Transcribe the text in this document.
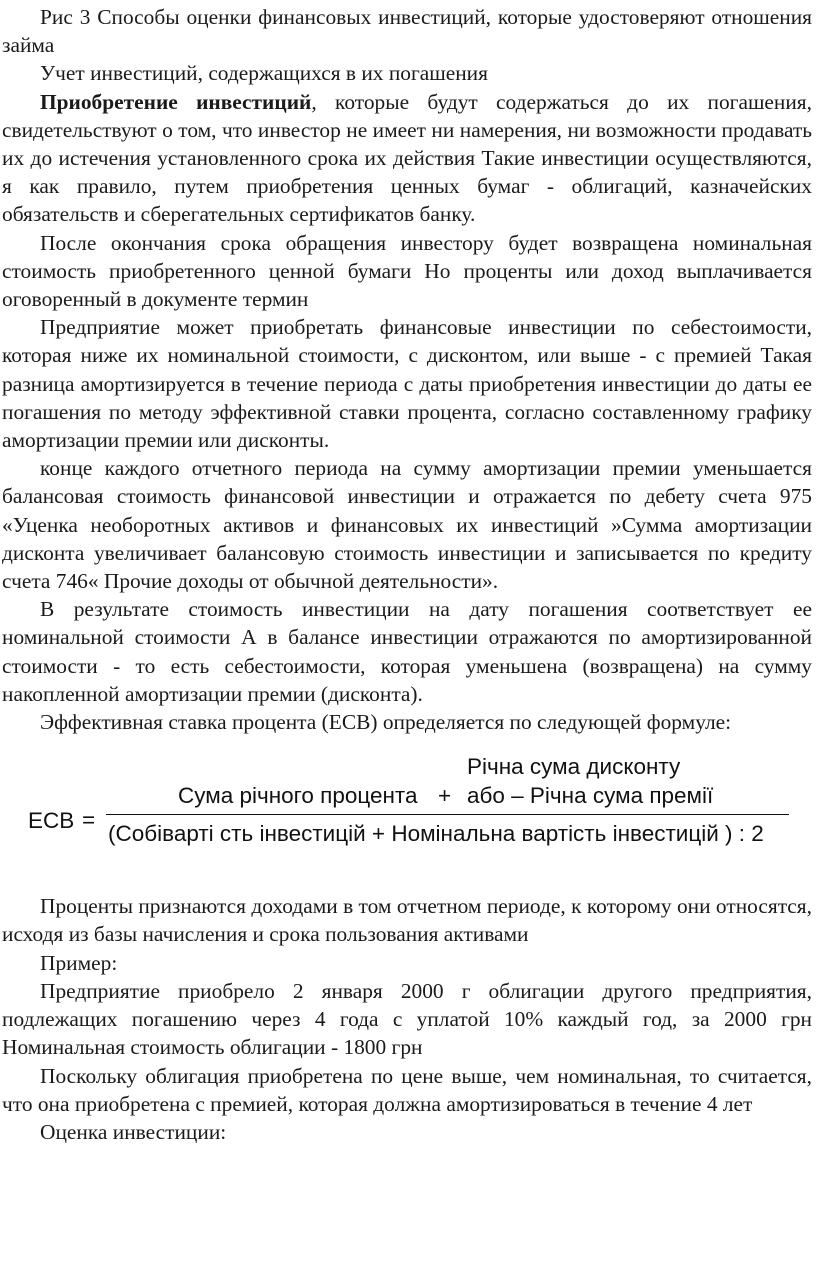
Рис 3 Способы оценки финансовых инвестиций, которые удостоверяют отношения займа

Учет инвестиций, содержащихся в их погашения

Приобретение инвестиций, которые будут содержаться до их погашения, свидетельствуют о том, что инвестор не имеет ни намерения, ни возможности продавать их до истечения установленного срока их действия Такие инвестиции осуществляются, я как правило, путем приобретения ценных бумаг - облигаций, казначейских обязательств и сберегательных сертификатов банку.

После окончания срока обращения инвестору будет возвращена номинальная стоимость приобретенного ценной бумаги Но проценты или доход выплачивается оговоренный в документе термин

Предприятие может приобретать финансовые инвестиции по себестоимости, которая ниже их номинальной стоимости, с дисконтом, или выше - с премией Такая разница амортизируется в течение периода с даты приобретения инвестиции до даты ее погашения по методу эффективной ставки процента, согласно составленному графику амортизации премии или дисконты.

конце каждого отчетного периода на сумму амортизации премии уменьшается балансовая стоимость финансовой инвестиции и отражается по дебету счета 975 «Уценка необоротных активов и финансовых их инвестиций »Сумма амортизации дисконта увеличивает балансовую стоимость инвестиции и записывается по кредиту счета 746« Прочие доходы от обычной деятельности».

В результате стоимость инвестиции на дату погашения соответствует ее номинальной стоимости А в балансе инвестиции отражаются по амортизированной стоимости - то есть себестоимости, которая уменьшена (возвращена) на сумму накопленной амортизации премии (дисконта).

Эффективная ставка процента (ЕСВ) определяется по следующей формуле:

ЕСВ =
Сума річного процента +
Річна сума дисконту
або – Річна сума премії
(Собіварті сть інвестицій + Номінальна вартість інвестицій ) : 2

Проценты признаются доходами в том отчетном периоде, к которому они относятся, исходя из базы начисления и срока пользования активами

Пример:

Предприятие приобрело 2 января 2000 г облигации другого предприятия, подлежащих погашению через 4 года с уплатой 10% каждый год, за 2000 грн Номинальная стоимость облигации - 1800 грн

Поскольку облигация приобретена по цене выше, чем номинальная, то считается, что она приобретена с премией, которая должна амортизироваться в течение 4 лет

Оценка инвестиции:
